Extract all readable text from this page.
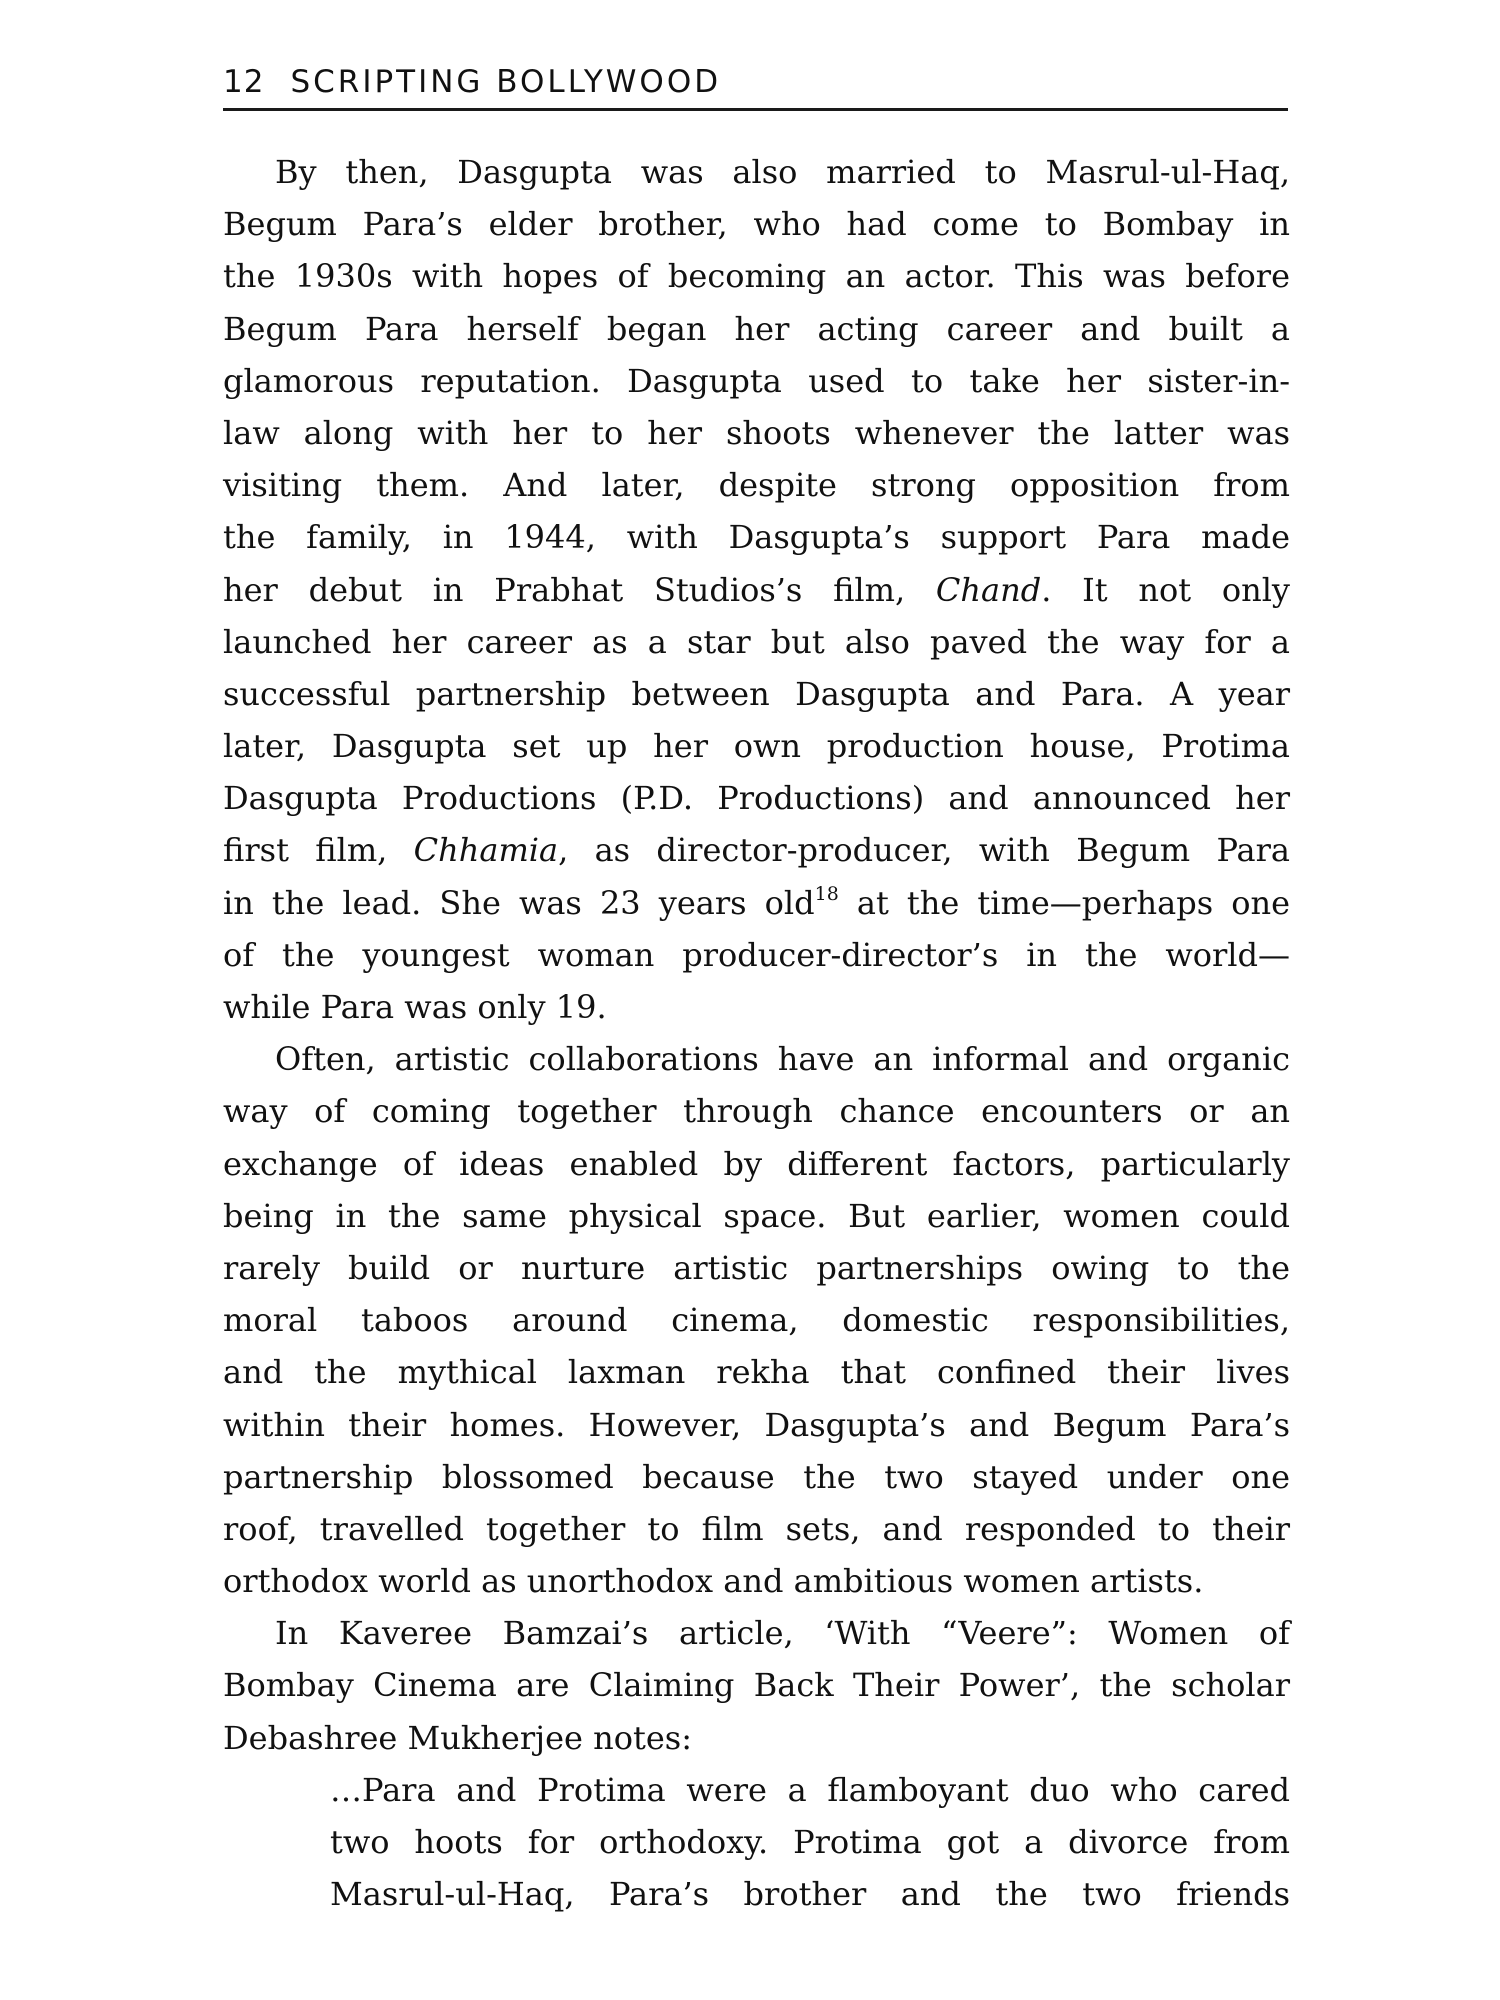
12 SCRIPTING BOLLYWOOD
By then, Dasgupta was also married to Masrul-ul-Haq,
Begum Para’s elder brother, who had come to Bombay in
the 1930s with hopes of becoming an actor. This was before
Begum Para herself began her acting career and built a
glamorous reputation. Dasgupta used to take her sister-in-
law along with her to her shoots whenever the latter was
visiting them. And later, despite strong opposition from
the family, in 1944, with Dasgupta’s support Para made
her debut in Prabhat Studios’s film, Chand. It not only
launched her career as a star but also paved the way for a
successful partnership between Dasgupta and Para. A year
later, Dasgupta set up her own production house, Protima
Dasgupta Productions (P.D. Productions) and announced her
first film, Chhamia, as director-producer, with Begum Para
in the lead. She was 23 years old$^{18}$ at the time—perhaps one
of the youngest woman producer-director’s in the world—
while Para was only 19.
Often, artistic collaborations have an informal and organic
way of coming together through chance encounters or an
exchange of ideas enabled by different factors, particularly
being in the same physical space. But earlier, women could
rarely build or nurture artistic partnerships owing to the
moral taboos around cinema, domestic responsibilities,
and the mythical laxman rekha that confined their lives
within their homes. However, Dasgupta’s and Begum Para’s
partnership blossomed because the two stayed under one
roof, travelled together to film sets, and responded to their
orthodox world as unorthodox and ambitious women artists.
In Kaveree Bamzai’s article, ‘With “Veere”: Women of
Bombay Cinema are Claiming Back Their Power’, the scholar
Debashree Mukherjee notes:
…Para and Protima were a flamboyant duo who cared
two hoots for orthodoxy. Protima got a divorce from
Masrul-ul-Haq, Para’s brother and the two friends
